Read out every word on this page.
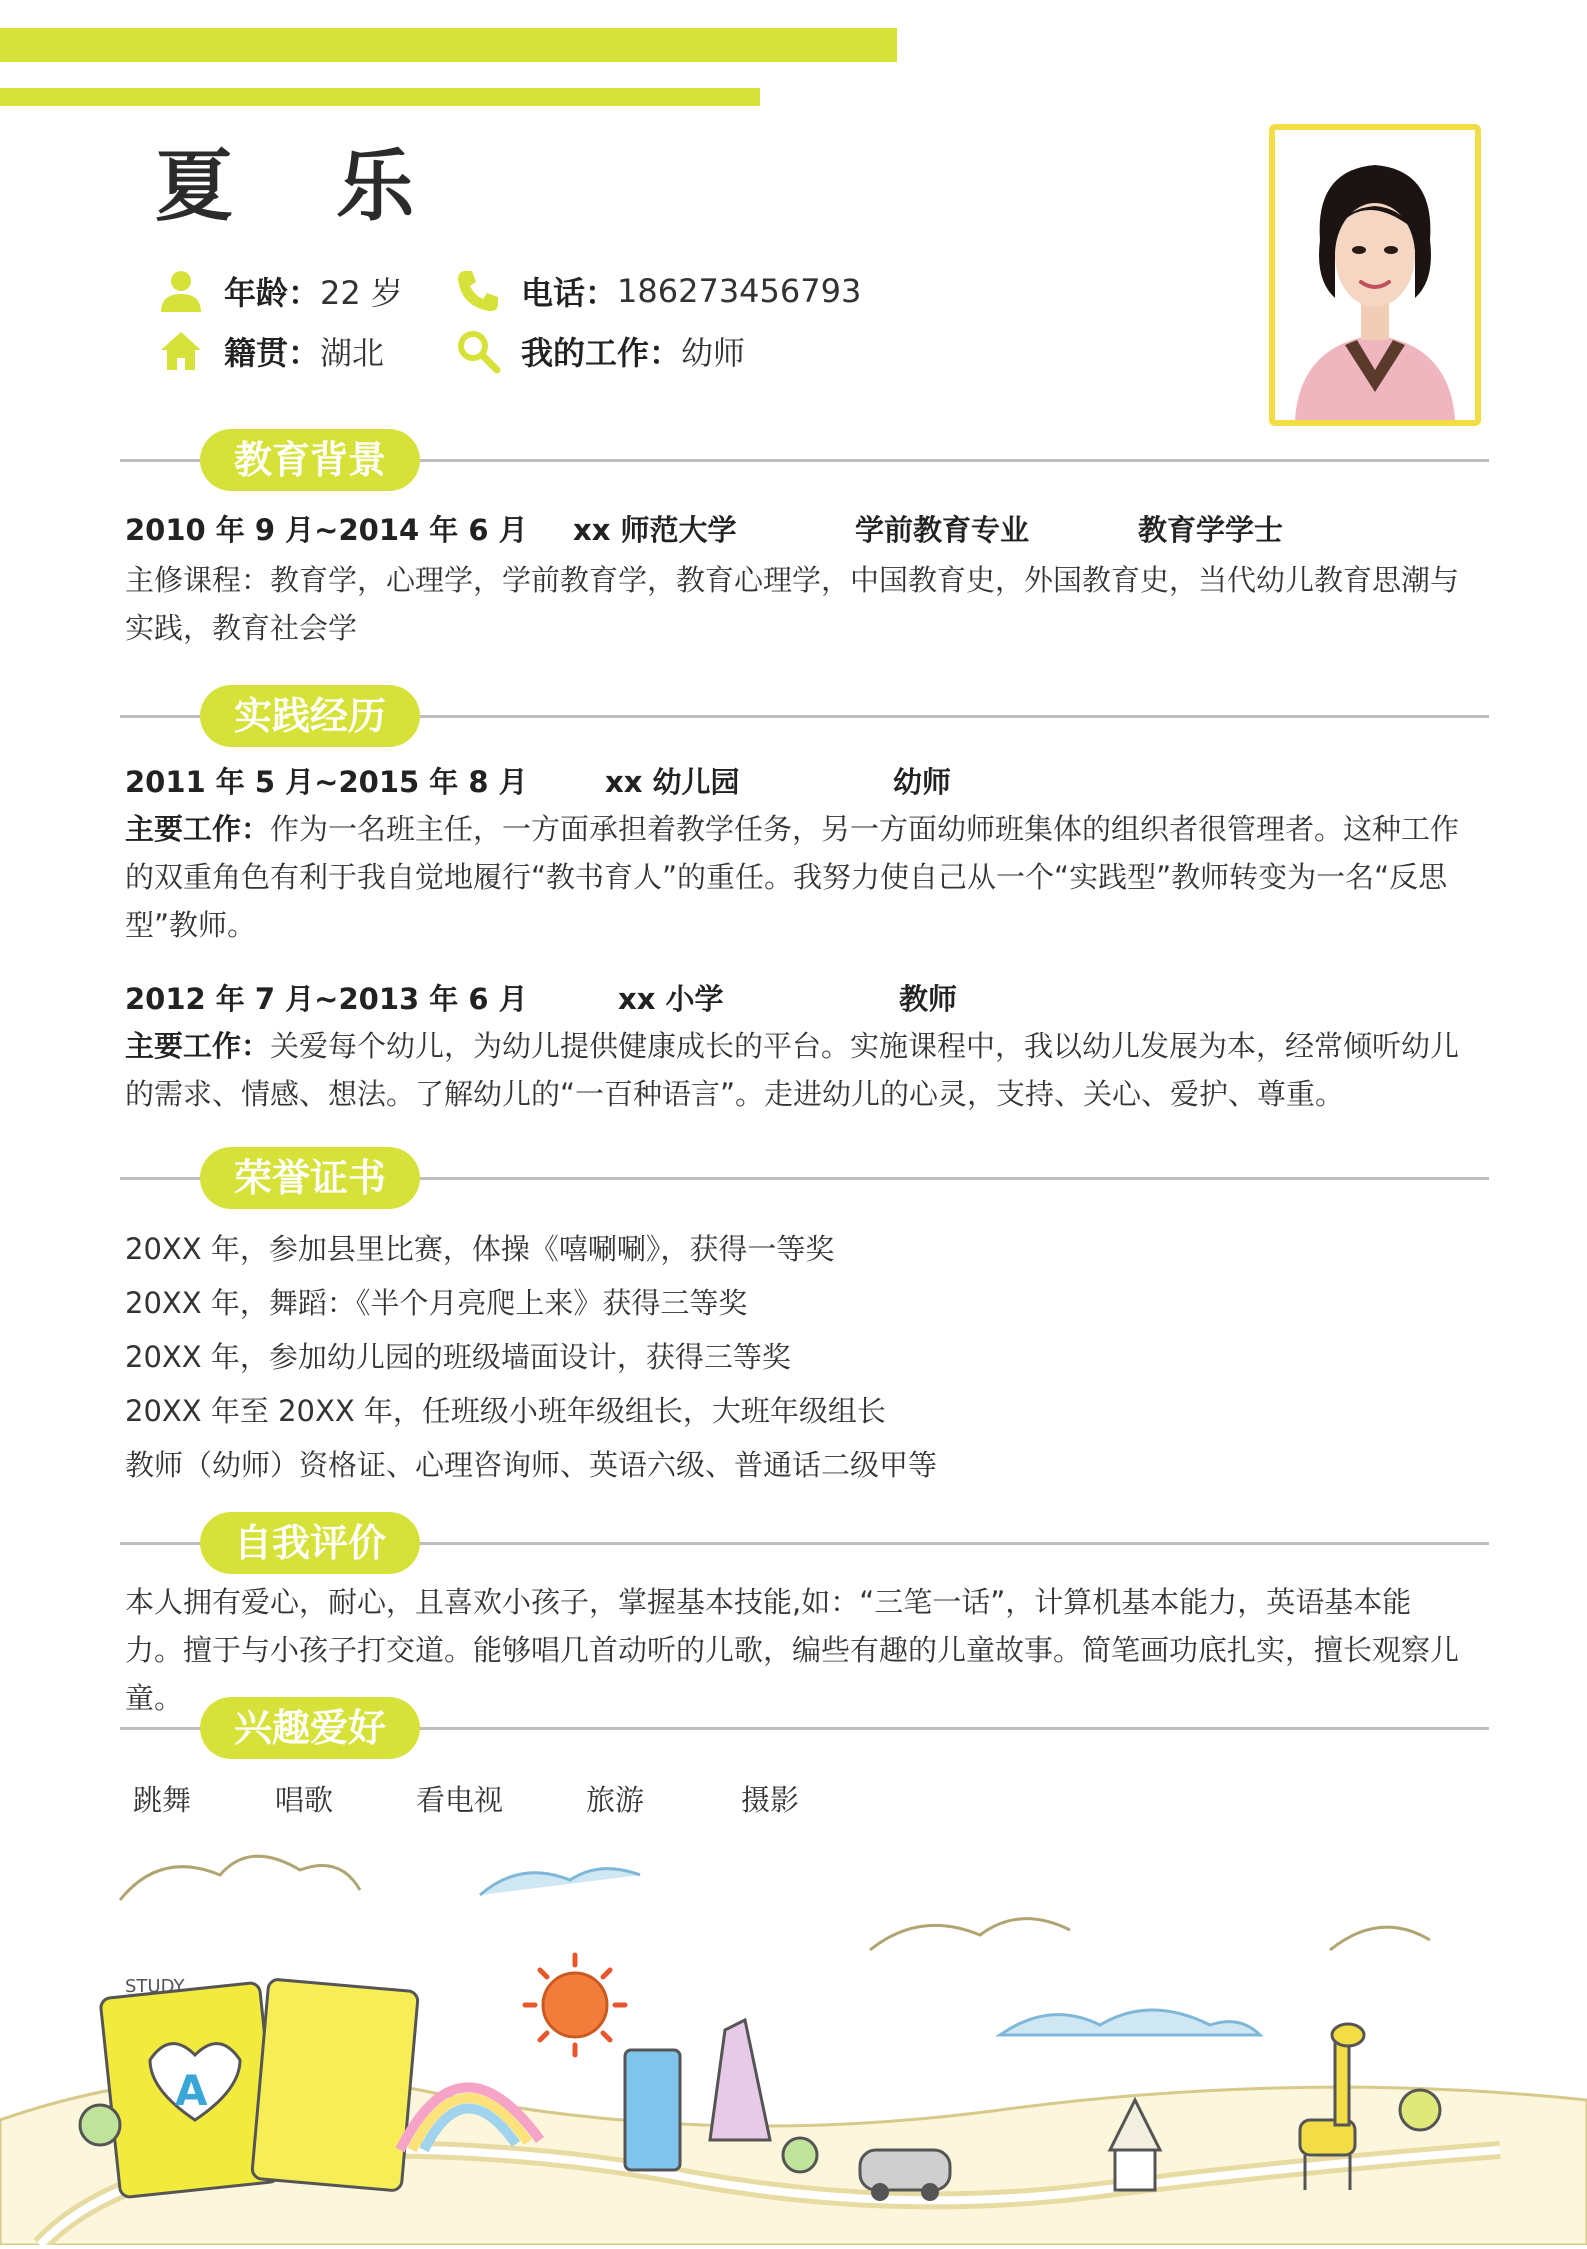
夏 乐
年龄： 22 岁	电话： 186273456793
籍贯： 湖北	我的工作： 幼师
教育背景
2010 年 9 月~2014 年 6 月 xx 师范大学	学前教育专业	教育学学士
主修课程：教育学，心理学，学前教育学，教育心理学，中国教育史，外国教育史，当代幼儿教育思潮与实践，教育社会学
实践经历
2011 年 5 月~2015 年 8 月	xx 幼儿园	幼师
主要工作：作为一名班主任，一方面承担着教学任务，另一方面幼师班集体的组织者很管理者。这种工作的双重角色有利于我自觉地履行“教书育人”的重任。我努力使自己从一个“实践型”教师转变为一名“反思型”教师。
2012 年 7 月~2013 年 6 月	xx 小学	教师
主要工作：关爱每个幼儿，为幼儿提供健康成长的平台。实施课程中，我以幼儿发展为本，经常倾听幼儿的需求、情感、想法。了解幼儿的“一百种语言”。走进幼儿的心灵，支持、关心、爱护、尊重。
荣誉证书
20XX 年，参加县里比赛，体操《嘻唰唰》，获得一等奖
20XX 年，舞蹈：《半个月亮爬上来》获得三等奖
20XX 年，参加幼儿园的班级墙面设计，获得三等奖
20XX 年至 20XX 年，任班级小班年级组长，大班年级组长
教师（幼师）资格证、心理咨询师、英语六级、普通话二级甲等
自我评价
本人拥有爱心，耐心，且喜欢小孩子，掌握基本技能,如：“三笔一话”，计算机基本能力，英语基本能力。擅于与小孩子打交道。能够唱几首动听的儿歌，编些有趣的儿童故事。简笔画功底扎实，擅长观察儿童。
兴趣爱好
跳舞	唱歌	看电视	旅游	摄影
A
STUDY
